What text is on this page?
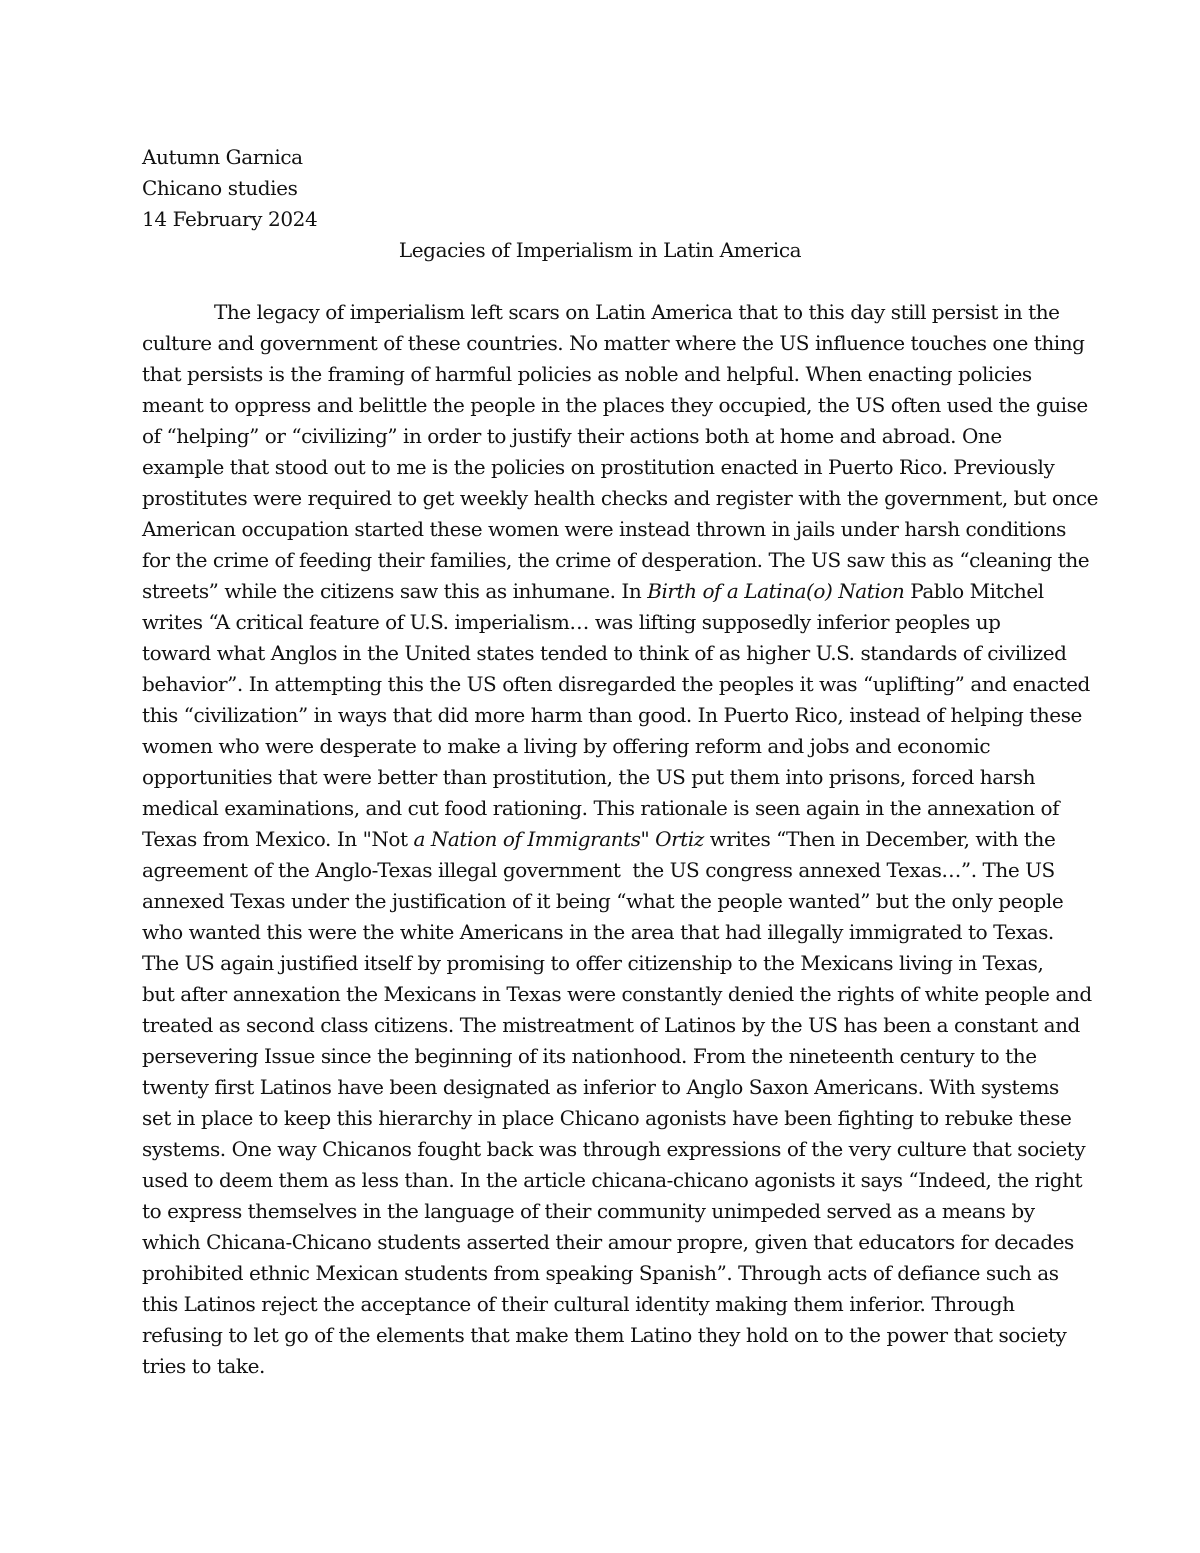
Autumn Garnica
Chicano studies
14 February 2024
Legacies of Imperialism in Latin America
The legacy of imperialism left scars on Latin America that to this day still persist in the
culture and government of these countries. No matter where the US influence touches one thing
that persists is the framing of harmful policies as noble and helpful. When enacting policies
meant to oppress and belittle the people in the places they occupied, the US often used the guise
of “helping” or “civilizing” in order to justify their actions both at home and abroad. One
example that stood out to me is the policies on prostitution enacted in Puerto Rico. Previously
prostitutes were required to get weekly health checks and register with the government, but once
American occupation started these women were instead thrown in jails under harsh conditions
for the crime of feeding their families, the crime of desperation. The US saw this as “cleaning the
streets” while the citizens saw this as inhumane. In Birth of a Latina(o) Nation Pablo Mitchel
writes “A critical feature of U.S. imperialism… was lifting supposedly inferior peoples up
toward what Anglos in the United states tended to think of as higher U.S. standards of civilized
behavior”. In attempting this the US often disregarded the peoples it was “uplifting” and enacted
this “civilization” in ways that did more harm than good. In Puerto Rico, instead of helping these
women who were desperate to make a living by offering reform and jobs and economic
opportunities that were better than prostitution, the US put them into prisons, forced harsh
medical examinations, and cut food rationing. This rationale is seen again in the annexation of
Texas from Mexico. In "Not a Nation of Immigrants" Ortiz writes “Then in December, with the
agreement of the Anglo-Texas illegal government  the US congress annexed Texas…”. The US
annexed Texas under the justification of it being “what the people wanted” but the only people
who wanted this were the white Americans in the area that had illegally immigrated to Texas.
The US again justified itself by promising to offer citizenship to the Mexicans living in Texas,
but after annexation the Mexicans in Texas were constantly denied the rights of white people and
treated as second class citizens. The mistreatment of Latinos by the US has been a constant and
persevering Issue since the beginning of its nationhood. From the nineteenth century to the
twenty first Latinos have been designated as inferior to Anglo Saxon Americans. With systems
set in place to keep this hierarchy in place Chicano agonists have been fighting to rebuke these
systems. One way Chicanos fought back was through expressions of the very culture that society
used to deem them as less than. In the article chicana-chicano agonists it says “Indeed, the right
to express themselves in the language of their community unimpeded served as a means by
which Chicana-Chicano students asserted their amour propre, given that educators for decades
prohibited ethnic Mexican students from speaking Spanish”. Through acts of defiance such as
this Latinos reject the acceptance of their cultural identity making them inferior. Through
refusing to let go of the elements that make them Latino they hold on to the power that society
tries to take.
